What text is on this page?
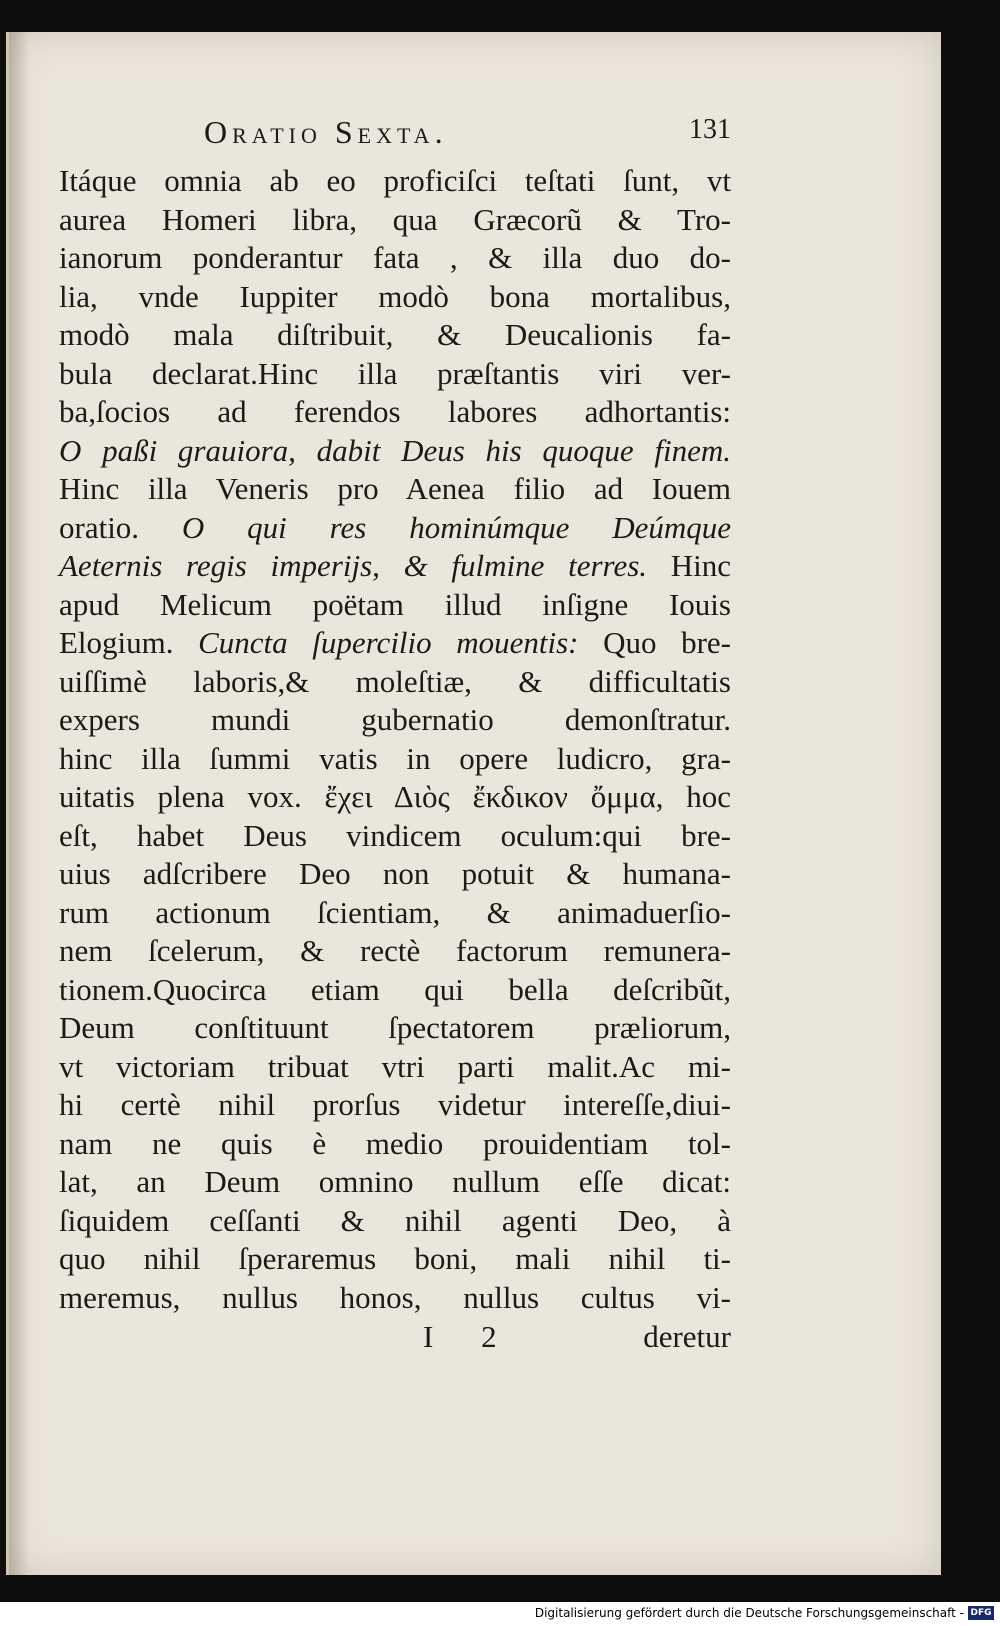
Oratio Sexta.	131
Itáque omnia ab eo proficiſci teſtati ſunt, vt
aurea Homeri libra, qua Græcorũ & Tro-
ianorum ponderantur fata , & illa duo do-
lia, vnde Iuppiter modò bona mortalibus,
modò mala diſtribuit, & Deucalionis fa-
bula declarat.Hinc illa præſtantis viri ver-
ba,ſocios ad ferendos labores adhortantis:
O paßi grauiora, dabit Deus his quoque finem.
Hinc illa Veneris pro Aenea filio ad Iouem
oratio. O qui res hominúmque Deúmque
Aeternis regis imperijs, & fulmine terres. Hinc
apud Melicum poëtam illud inſigne Iouis
Elogium. Cuncta ſupercilio mouentis: Quo bre-
uiſſimè laboris,& moleſtiæ, & difficultatis
expers mundi gubernatio demonſtratur.
hinc illa ſummi vatis in opere ludicro, gra-
uitatis plena vox. ἔχει Διὸς ἔκδικον ὄμμα, hoc
eſt, habet Deus vindicem oculum:qui bre-
uius adſcribere Deo non potuit & humana-
rum actionum ſcientiam, & animaduerſio-
nem ſcelerum, & rectè factorum remunera-
tionem.Quocirca etiam qui bella deſcribũt,
Deum conſtituunt ſpectatorem præliorum,
vt victoriam tribuat vtri parti malit.Ac mi-
hi certè nihil prorſus videtur intereſſe,diui-
nam ne quis è medio prouidentiam tol-
lat, an Deum omnino nullum eſſe dicat:
ſiquidem ceſſanti & nihil agenti Deo, à
quo nihil ſperaremus boni, mali nihil ti-
meremus, nullus honos, nullus cultus vi-
I 2	deretur
Digitalisierung gefördert durch die Deutsche Forschungsgemeinschaft - DFG
